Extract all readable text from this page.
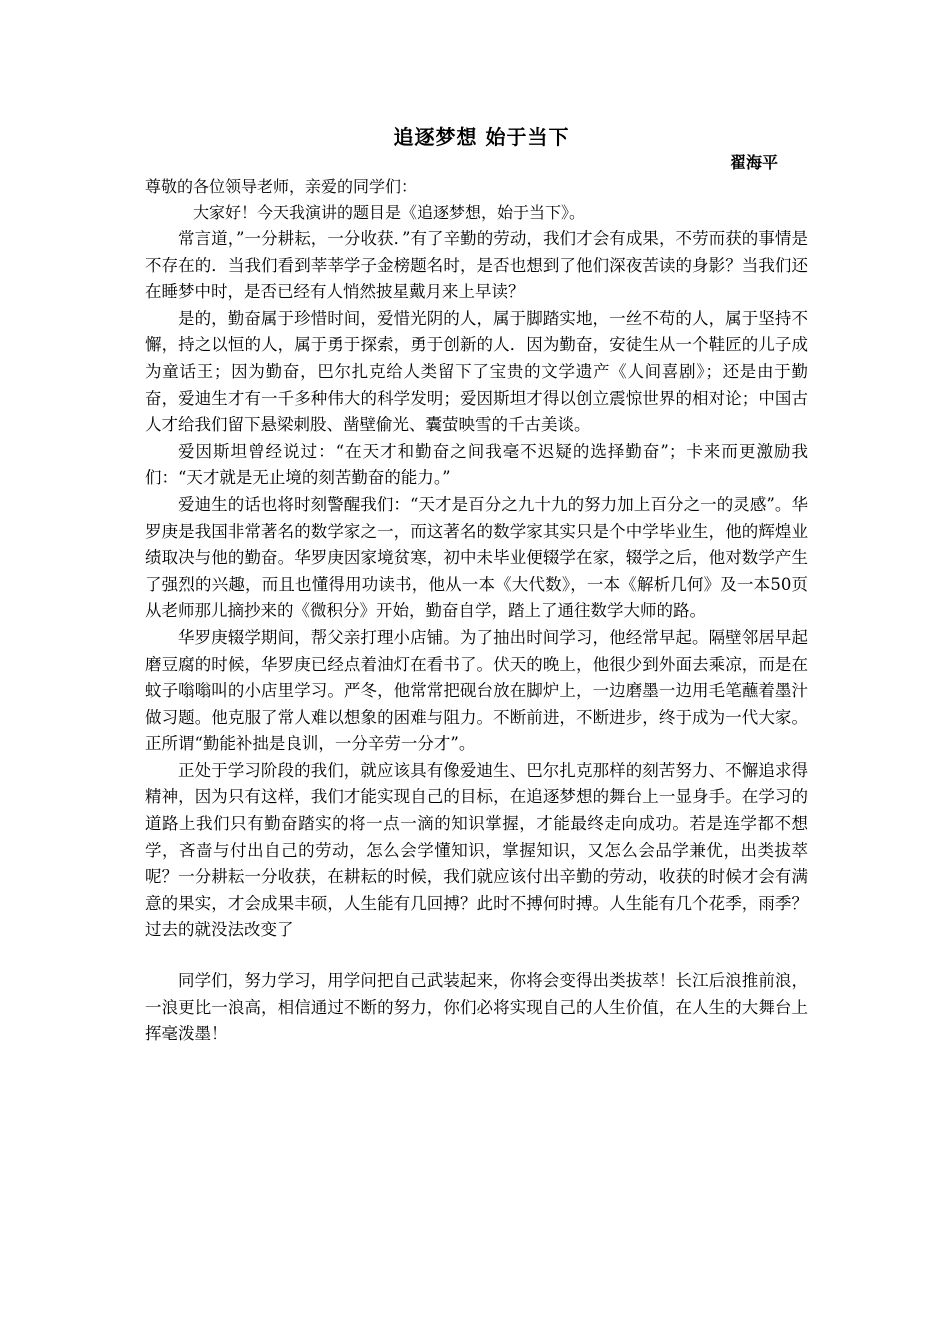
追逐梦想 始于当下

翟海平

尊敬的各位领导老师，亲爱的同学们：

大家好！今天我演讲的题目是《追逐梦想，始于当下》。

常言道，”一分耕耘，一分收获．”有了辛勤的劳动，我们才会有成果，不劳而获的事情是不存在的．当我们看到莘莘学子金榜题名时，是否也想到了他们深夜苦读的身影？当我们还在睡梦中时，是否已经有人悄然披星戴月来上早读？

是的，勤奋属于珍惜时间，爱惜光阴的人，属于脚踏实地，一丝不苟的人，属于坚持不懈，持之以恒的人，属于勇于探索，勇于创新的人．因为勤奋，安徒生从一个鞋匠的儿子成为童话王；因为勤奋，巴尔扎克给人类留下了宝贵的文学遗产《人间喜剧》；还是由于勤奋，爱迪生才有一千多种伟大的科学发明；爱因斯坦才得以创立震惊世界的相对论；中国古人才给我们留下悬梁刺股、凿壁偷光、囊萤映雪的千古美谈。

爱因斯坦曾经说过：“在天才和勤奋之间我毫不迟疑的选择勤奋”；卡来而更激励我们：“天才就是无止境的刻苦勤奋的能力。”

爱迪生的话也将时刻警醒我们：“天才是百分之九十九的努力加上百分之一的灵感”。华罗庚是我国非常著名的数学家之一，而这著名的数学家其实只是个中学毕业生，他的辉煌业绩取决与他的勤奋。华罗庚因家境贫寒，初中未毕业便辍学在家，辍学之后，他对数学产生了强烈的兴趣，而且也懂得用功读书，他从一本《大代数》，一本《解析几何》及一本50页从老师那儿摘抄来的《微积分》开始，勤奋自学，踏上了通往数学大师的路。

华罗庚辍学期间，帮父亲打理小店铺。为了抽出时间学习，他经常早起。隔壁邻居早起磨豆腐的时候，华罗庚已经点着油灯在看书了。伏天的晚上，他很少到外面去乘凉，而是在蚊子嗡嗡叫的小店里学习。严冬，他常常把砚台放在脚炉上，一边磨墨一边用毛笔蘸着墨汁做习题。他克服了常人难以想象的困难与阻力。不断前进，不断进步，终于成为一代大家。正所谓“勤能补拙是良训，一分辛劳一分才”。

正处于学习阶段的我们，就应该具有像爱迪生、巴尔扎克那样的刻苦努力、不懈追求得精神，因为只有这样，我们才能实现自己的目标，在追逐梦想的舞台上一显身手。在学习的道路上我们只有勤奋踏实的将一点一滴的知识掌握，才能最终走向成功。若是连学都不想学，吝啬与付出自己的劳动，怎么会学懂知识，掌握知识，又怎么会品学兼优，出类拔萃呢？一分耕耘一分收获，在耕耘的时候，我们就应该付出辛勤的劳动，收获的时候才会有满意的果实，才会成果丰硕，人生能有几回搏？此时不搏何时搏。人生能有几个花季，雨季？过去的就没法改变了

同学们，努力学习，用学问把自己武装起来，你将会变得出类拔萃！长江后浪推前浪，一浪更比一浪高，相信通过不断的努力，你们必将实现自己的人生价值，在人生的大舞台上挥毫泼墨！
